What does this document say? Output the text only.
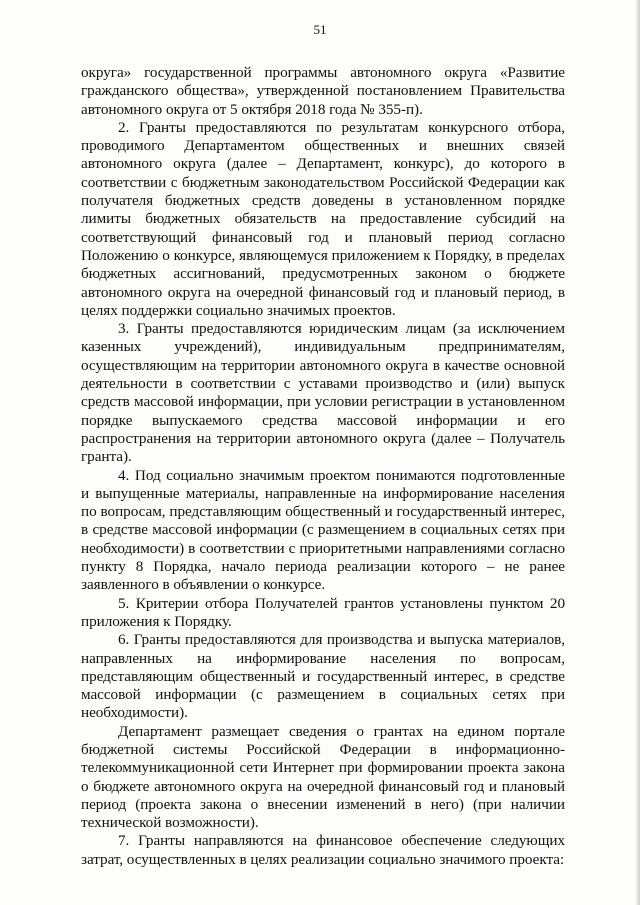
51

округа» государственной программы автономного округа «Развитие гражданского общества», утвержденной постановлением Правительства автономного округа от 5 октября 2018 года № 355-п).

2. Гранты предоставляются по результатам конкурсного отбора, проводимого Департаментом общественных и внешних связей автономного округа (далее – Департамент, конкурс), до которого в соответствии с бюджетным законодательством Российской Федерации как получателя бюджетных средств доведены в установленном порядке лимиты бюджетных обязательств на предоставление субсидий на соответствующий финансовый год и плановый период согласно Положению о конкурсе, являющемуся приложением к Порядку, в пределах бюджетных ассигнований, предусмотренных законом о бюджете автономного округа на очередной финансовый год и плановый период, в целях поддержки социально значимых проектов.

3. Гранты предоставляются юридическим лицам (за исключением казенных учреждений), индивидуальным предпринимателям, осуществляющим на территории автономного округа в качестве основной деятельности в соответствии с уставами производство и (или) выпуск средств массовой информации, при условии регистрации в установленном порядке выпускаемого средства массовой информации и его распространения на территории автономного округа (далее – Получатель гранта).

4. Под социально значимым проектом понимаются подготовленные и выпущенные материалы, направленные на информирование населения по вопросам, представляющим общественный и государственный интерес, в средстве массовой информации (с размещением в социальных сетях при необходимости) в соответствии с приоритетными направлениями согласно пункту 8 Порядка, начало периода реализации которого – не ранее заявленного в объявлении о конкурсе.

5. Критерии отбора Получателей грантов установлены пунктом 20 приложения к Порядку.

6. Гранты предоставляются для производства и выпуска материалов, направленных на информирование населения по вопросам, представляющим общественный и государственный интерес, в средстве массовой информации (с размещением в социальных сетях при необходимости).

Департамент размещает сведения о грантах на едином портале бюджетной системы Российской Федерации в информационно-телекоммуникационной сети Интернет при формировании проекта закона о бюджете автономного округа на очередной финансовый год и плановый период (проекта закона о внесении изменений в него) (при наличии технической возможности).

7. Гранты направляются на финансовое обеспечение следующих затрат, осуществленных в целях реализации социально значимого проекта:
